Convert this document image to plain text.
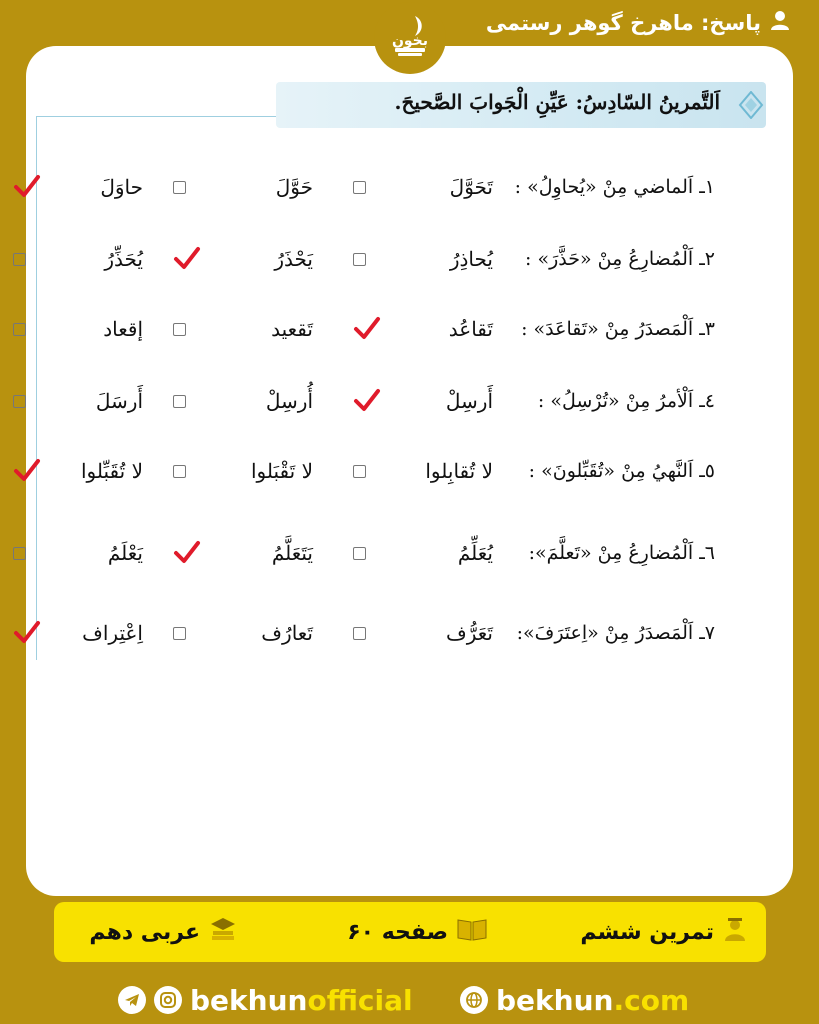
پاسخ: ماهرخ گوهر رستمی
بخون
اَلتَّمرینُ السّادِسُ: عَیِّنِ الْجَوابَ الصَّحیحَ.
١ـ اَلماضي مِنْ «یُحاوِلُ» :
تَحَوَّلَ
حَوَّلَ
حاوَلَ
٢ـ اَلْمُضارِعُ مِنْ «حَذَّرَ» :
یُحاذِرُ
یَحْذَرُ
یُحَذِّرُ
٣ـ اَلْمَصدَرُ مِنْ «تَقاعَدَ» :
تَقاعُد
تَقعید
إقعاد
٤ـ اَلْأمرُ مِنْ «تُرْسِلُ» :
أَرسِلْ
أُرسِلْ
أَرسَلَ
٥ـ اَلنَّهيُ مِنْ «تُقَبِّلونَ» :
لا تُقابِلوا
لا تَقْبَلوا
لا تُقَبِّلوا
٦ـ اَلْمُضارِعُ مِنْ «تَعلَّمَ»:
یُعَلِّمُ
یَتَعَلَّمُ
یَعْلَمُ
٧ـ اَلْمَصدَرُ مِنْ «اِعتَرَفَ»:
تَعَرُّف
تَعارُف
اِعْتِراف
تمرین ششم
صفحه ۶۰
عربی دهم
bekhunofficial	bekhun.com
